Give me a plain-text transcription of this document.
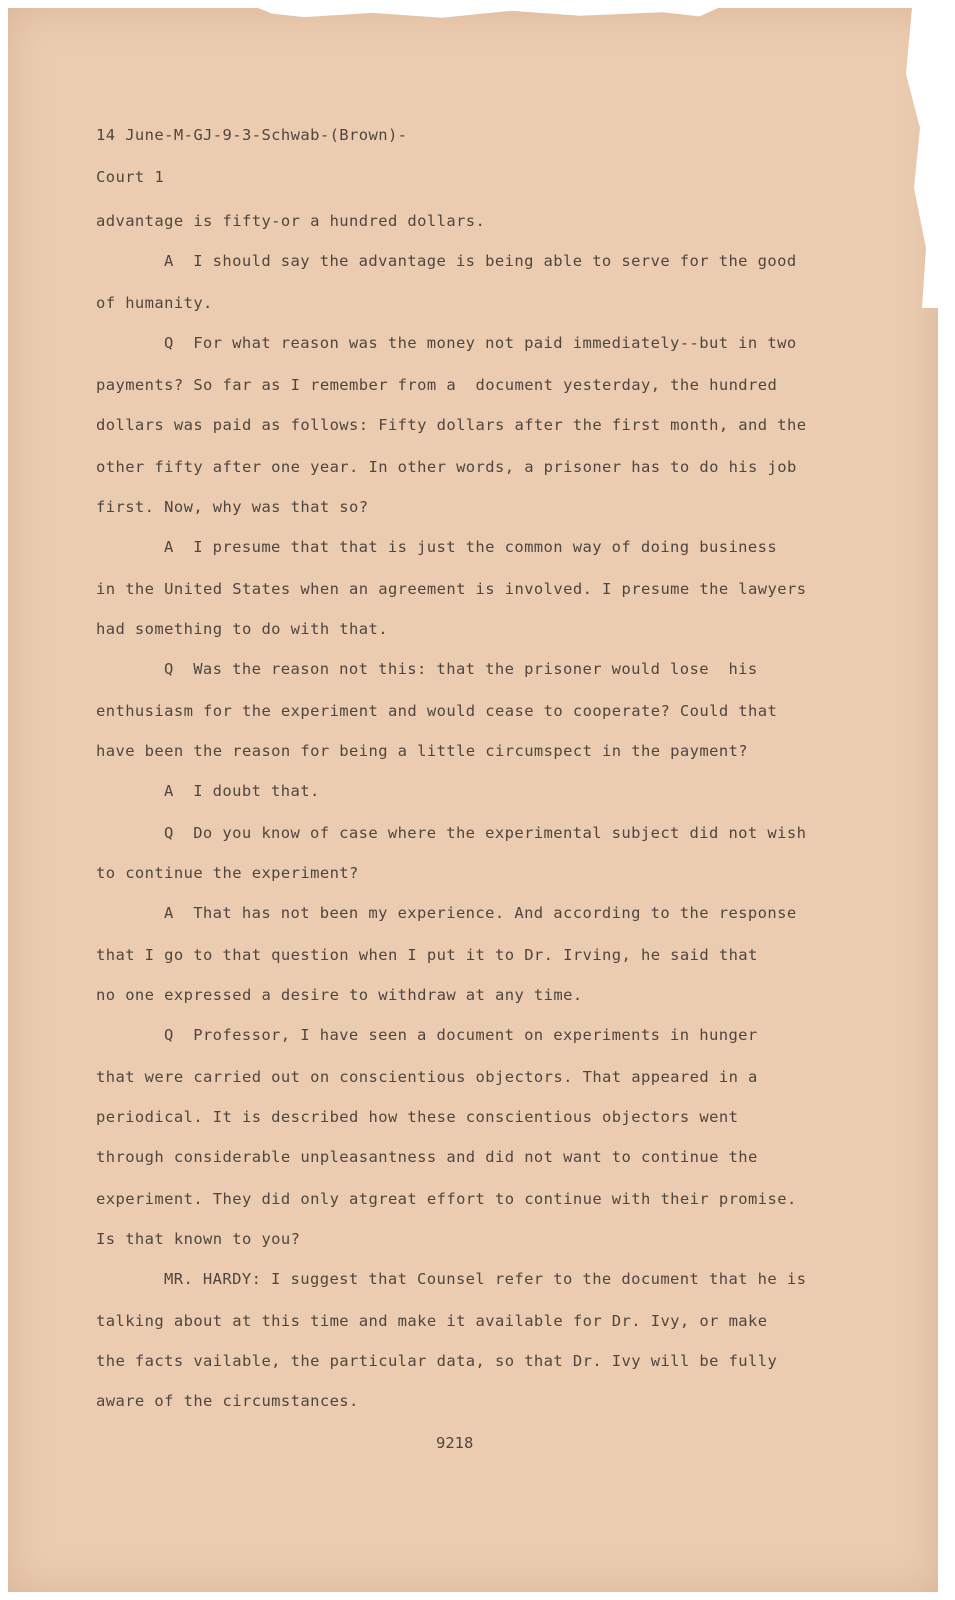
14 June-M-GJ-9-3-Schwab-(Brown)-
Court 1
advantage is fifty-or a hundred dollars.
A  I should say the advantage is being able to serve for the good
of humanity.
Q  For what reason was the money not paid immediately--but in two
payments? So far as I remember from a  document yesterday, the hundred
dollars was paid as follows: Fifty dollars after the first month, and the
other fifty after one year. In other words, a prisoner has to do his job
first. Now, why was that so?
A  I presume that that is just the common way of doing business
in the United States when an agreement is involved. I presume the lawyers
had something to do with that.
Q  Was the reason not this: that the prisoner would lose  his
enthusiasm for the experiment and would cease to cooperate? Could that
have been the reason for being a little circumspect in the payment?
A  I doubt that.
Q  Do you know of case where the experimental subject did not wish
to continue the experiment?
A  That has not been my experience. And according to the response
that I go to that question when I put it to Dr. Irving, he said that
no one expressed a desire to withdraw at any time.
Q  Professor, I have seen a document on experiments in hunger
that were carried out on conscientious objectors. That appeared in a
periodical. It is described how these conscientious objectors went
through considerable unpleasantness and did not want to continue the
experiment. They did only atgreat effort to continue with their promise.
Is that known to you?
MR. HARDY: I suggest that Counsel refer to the document that he is
talking about at this time and make it available for Dr. Ivy, or make
the facts vailable, the particular data, so that Dr. Ivy will be fully
aware of the circumstances.
9218
